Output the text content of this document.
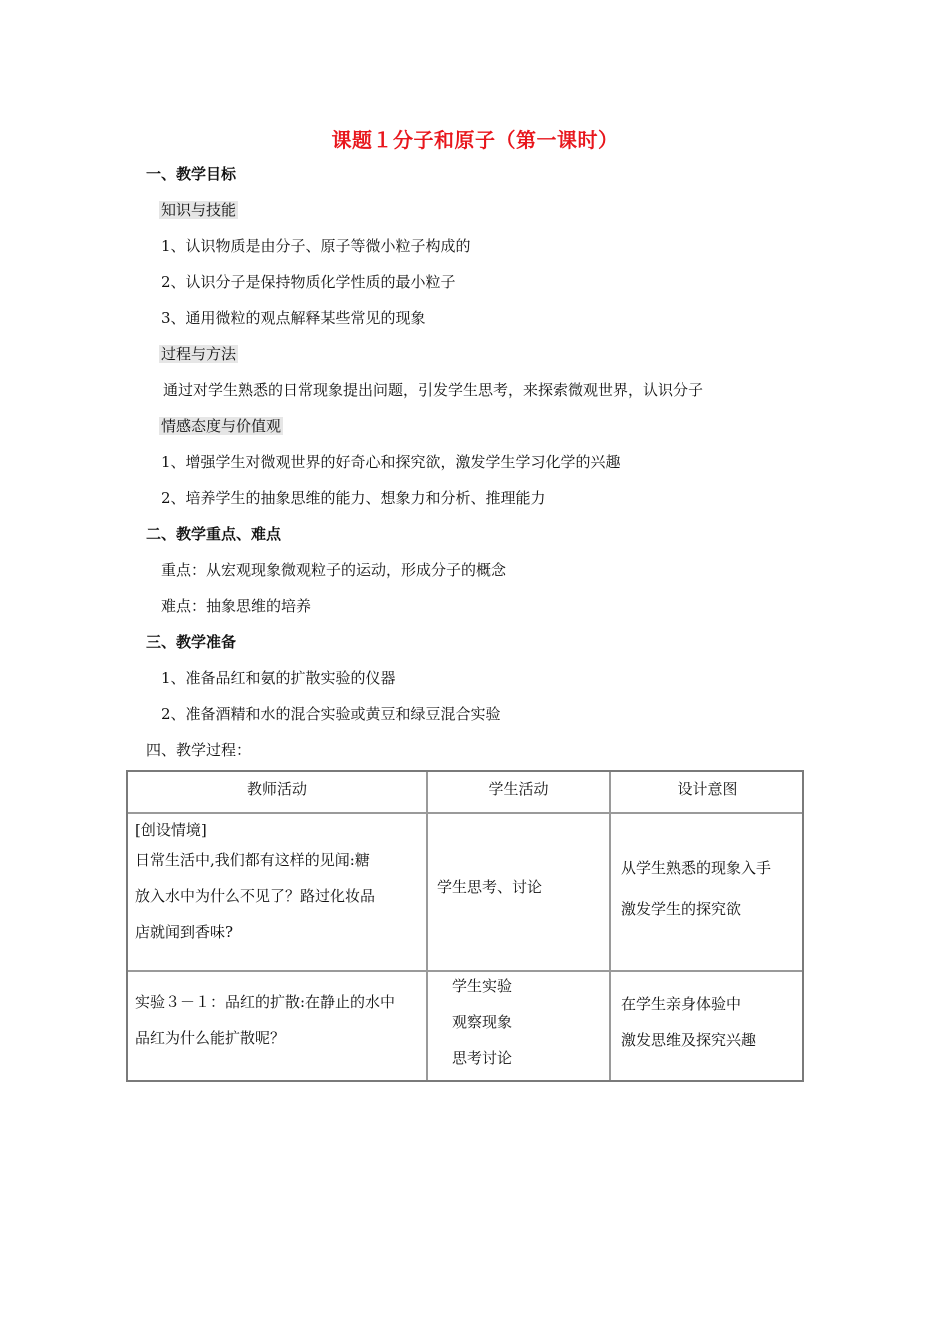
课题１分子和原子（第一课时）
一、教学目标
知识与技能
1、认识物质是由分子、原子等微小粒子构成的
2、认识分子是保持物质化学性质的最小粒子
3、通用微粒的观点解释某些常见的现象
过程与方法
通过对学生熟悉的日常现象提出问题，引发学生思考，来探索微观世界，认识分子
情感态度与价值观
1、增强学生对微观世界的好奇心和探究欲，激发学生学习化学的兴趣
2、培养学生的抽象思维的能力、想象力和分析、推理能力
二、教学重点、难点
重点：从宏观现象微观粒子的运动，形成分子的概念
难点：抽象思维的培养
三、教学准备
1、准备品红和氨的扩散实验的仪器
2、准备酒精和水的混合实验或黄豆和绿豆混合实验
四、教学过程：
教师活动	学生活动	设计意图
[创设情境]
日常生活中,我们都有这样的见闻:糖
放入水中为什么不见了？路过化妆品
店就闻到香味?
学生思考、讨论
从学生熟悉的现象入手
激发学生的探究欲
实验３－１：品红的扩散:在静止的水中
品红为什么能扩散呢？
学生实验
观察现象
思考讨论
在学生亲身体验中
激发思维及探究兴趣
